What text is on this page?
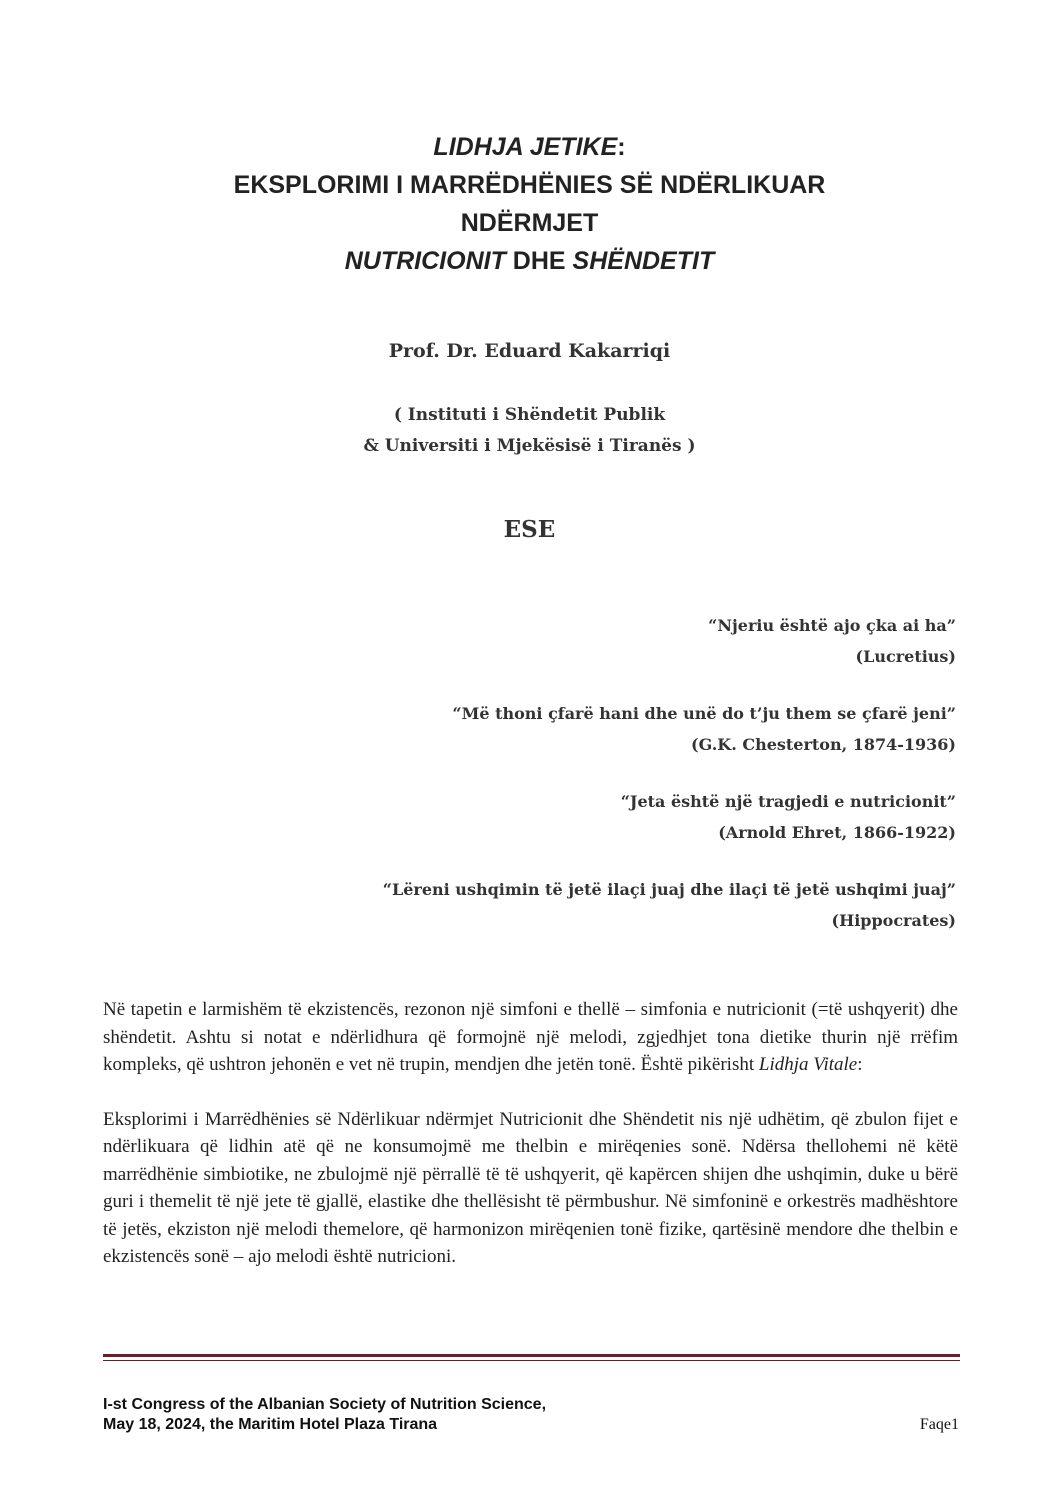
LIDHJA JETIKE:
EKSPLORIMI I MARRËDHËNIES SË NDËRLIKUAR
NDËRMJET
NUTRICIONIT DHE SHËNDETIT
Prof. Dr. Eduard Kakarriqi
( Instituti i Shëndetit Publik
& Universiti i Mjekësisë i Tiranës )
ESE
“Njeriu është ajo çka ai ha”
(Lucretius)
“Më thoni çfarë hani dhe unë do t’ju them se çfarë jeni”
(G.K. Chesterton, 1874-1936)
“Jeta është një tragjedi e nutricionit”
(Arnold Ehret, 1866-1922)
“Lëreni ushqimin të jetë ilaçi juaj dhe ilaçi të jetë ushqimi juaj”
(Hippocrates)

Në tapetin e larmishëm të ekzistencës, rezonon një simfoni e thellë – simfonia e nutricionit (=të ushqyerit) dhe shëndetit. Ashtu si notat e ndërlidhura që formojnë një melodi, zgjedhjet tona dietike thurin një rrëfim kompleks, që ushtron jehonën e vet në trupin, mendjen dhe jetën tonë. Është pikërisht Lidhja Vitale:

Eksplorimi i Marrëdhënies së Ndërlikuar ndërmjet Nutricionit dhe Shëndetit nis një udhëtim, që zbulon fijet e ndërlikuara që lidhin atë që ne konsumojmë me thelbin e mirëqenies sonë. Ndërsa thellohemi në këtë marrëdhënie simbiotike, ne zbulojmë një përrallë të të ushqyerit, që kapërcen shijen dhe ushqimin, duke u bërë guri i themelit të një jete të gjallë, elastike dhe thellësisht të përmbushur. Në simfoninë e orkestrës madhështore të jetës, ekziston një melodi themelore, që harmonizon mirëqenien tonë fizike, qartësinë mendore dhe thelbin e ekzistencës sonë – ajo melodi është nutricioni.

I-st Congress of the Albanian Society of Nutrition Science,
May 18, 2024, the Maritim Hotel Plaza Tirana	Faqe1
